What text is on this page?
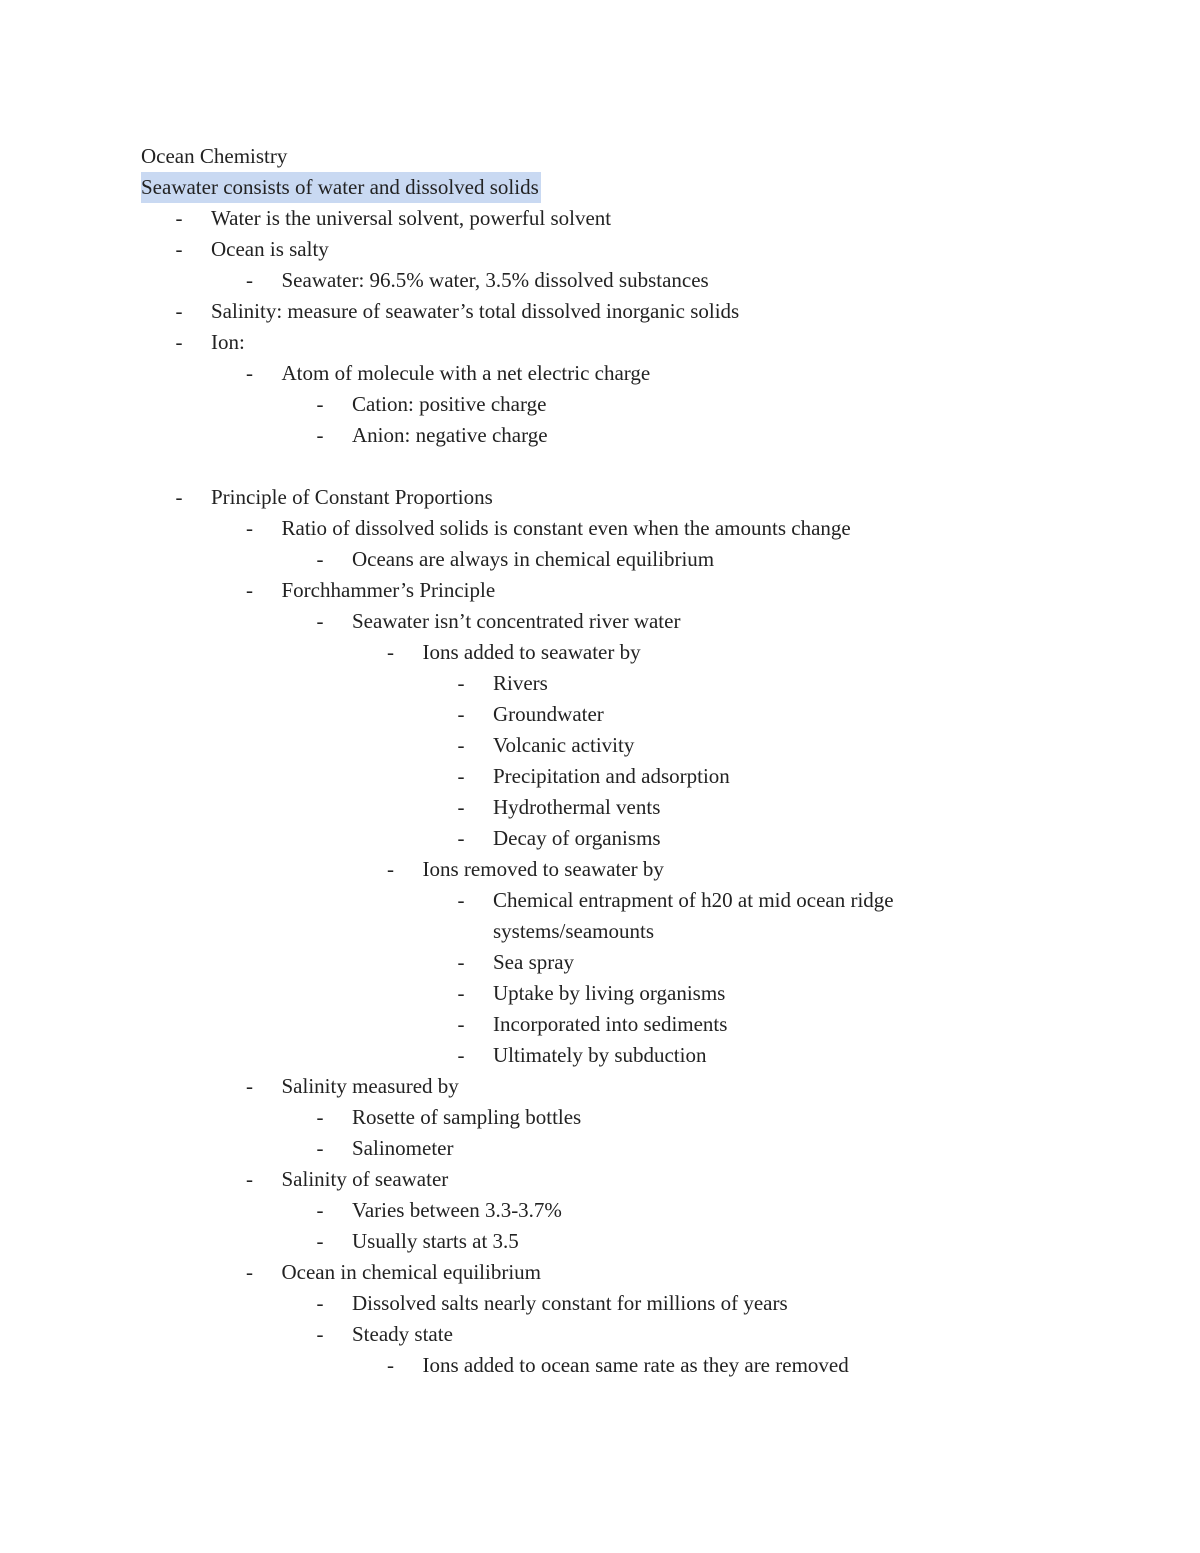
Ocean Chemistry
Seawater consists of water and dissolved solids
- Water is the universal solvent, powerful solvent
- Ocean is salty
- Seawater: 96.5% water, 3.5% dissolved substances
- Salinity: measure of seawater’s total dissolved inorganic solids
- Ion:
- Atom of molecule with a net electric charge
- Cation: positive charge
- Anion: negative charge
- Principle of Constant Proportions
- Ratio of dissolved solids is constant even when the amounts change
- Oceans are always in chemical equilibrium
- Forchhammer’s Principle
- Seawater isn’t concentrated river water
- Ions added to seawater by
- Rivers
- Groundwater
- Volcanic activity
- Precipitation and adsorption
- Hydrothermal vents
- Decay of organisms
- Ions removed to seawater by
- Chemical entrapment of h20 at mid ocean ridge
systems/seamounts
- Sea spray
- Uptake by living organisms
- Incorporated into sediments
- Ultimately by subduction
- Salinity measured by
- Rosette of sampling bottles
- Salinometer
- Salinity of seawater
- Varies between 3.3-3.7%
- Usually starts at 3.5
- Ocean in chemical equilibrium
- Dissolved salts nearly constant for millions of years
- Steady state
- Ions added to ocean same rate as they are removed
